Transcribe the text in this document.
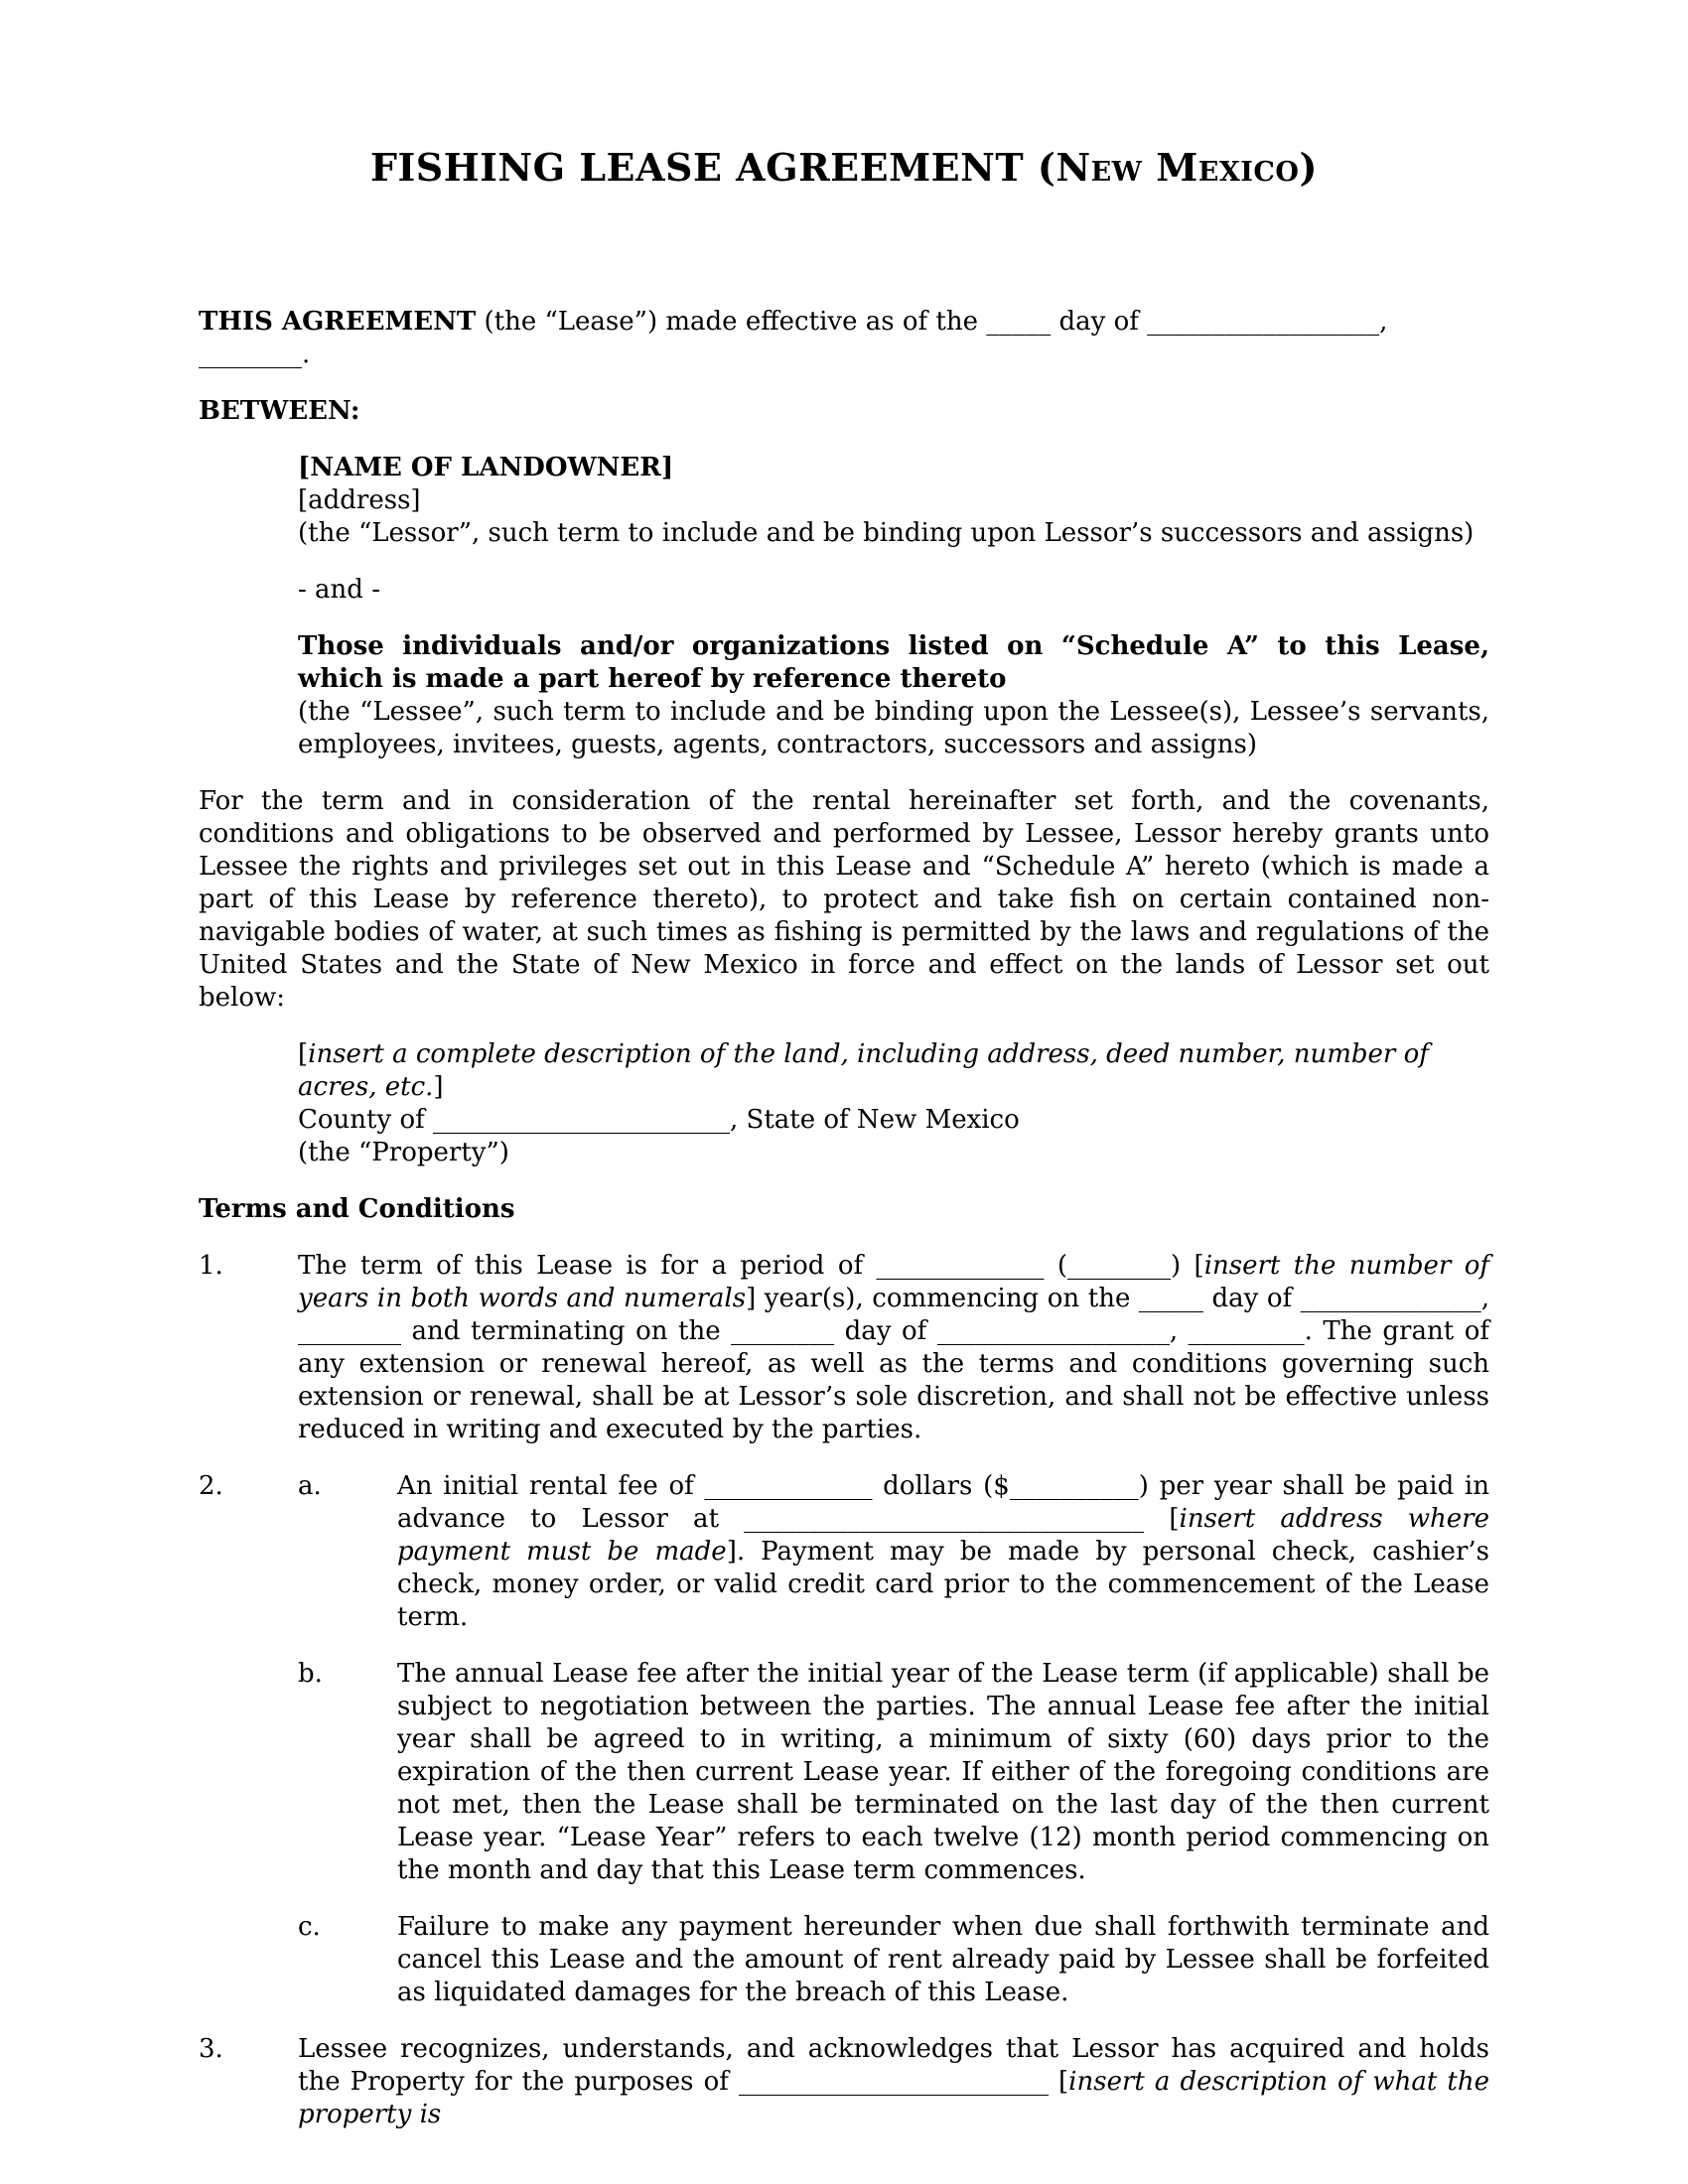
FISHING LEASE AGREEMENT (New Mexico)

THIS AGREEMENT (the “Lease”) made effective as of the _____ day of __________________, ________.

BETWEEN:

[NAME OF LANDOWNER]

[address]

(the “Lessor”, such term to include and be binding upon Lessor’s successors and assigns)

- and -

Those individuals and/or organizations listed on “Schedule A” to this Lease, which is made a part hereof by reference thereto

(the “Lessee”, such term to include and be binding upon the Lessee(s), Lessee’s servants, employees, invitees, guests, agents, contractors, successors and assigns)

For the term and in consideration of the rental hereinafter set forth, and the covenants, conditions and obligations to be observed and performed by Lessee, Lessor hereby grants unto Lessee the rights and privileges set out in this Lease and “Schedule A” hereto (which is made a part of this Lease by reference thereto), to protect and take fish on certain contained non-navigable bodies of water, at such times as fishing is permitted by the laws and regulations of the United States and the State of New Mexico in force and effect on the lands of Lessor set out below:

[insert a complete description of the land, including address, deed number, number of acres, etc.]

County of _______________________, State of New Mexico

(the “Property”)

Terms and Conditions

1.	The term of this Lease is for a period of _____________ (________) [insert the number of years in both words and numerals] year(s), commencing on the _____ day of ______________, ________ and terminating on the ________ day of __________________, _________. The grant of any extension or renewal hereof, as well as the terms and conditions governing such extension or renewal, shall be at Lessor’s sole discretion, and shall not be effective unless reduced in writing and executed by the parties.
2.	a.	An initial rental fee of _____________ dollars ($__________) per year shall be paid in advance to Lessor at _______________________________ [insert address where payment must be made]. Payment may be made by personal check, cashier’s check, money order, or valid credit card prior to the commencement of the Lease term.
b.	The annual Lease fee after the initial year of the Lease term (if applicable) shall be subject to negotiation between the parties. The annual Lease fee after the initial year shall be agreed to in writing, a minimum of sixty (60) days prior to the expiration of the then current Lease year. If either of the foregoing conditions are not met, then the Lease shall be terminated on the last day of the then current Lease year. “Lease Year” refers to each twelve (12) month period commencing on the month and day that this Lease term commences.
c.	Failure to make any payment hereunder when due shall forthwith terminate and cancel this Lease and the amount of rent already paid by Lessee shall be forfeited as liquidated damages for the breach of this Lease.
3.	Lessee recognizes, understands, and acknowledges that Lessor has acquired and holds the Property for the purposes of ________________________ [insert a description of what the property is
